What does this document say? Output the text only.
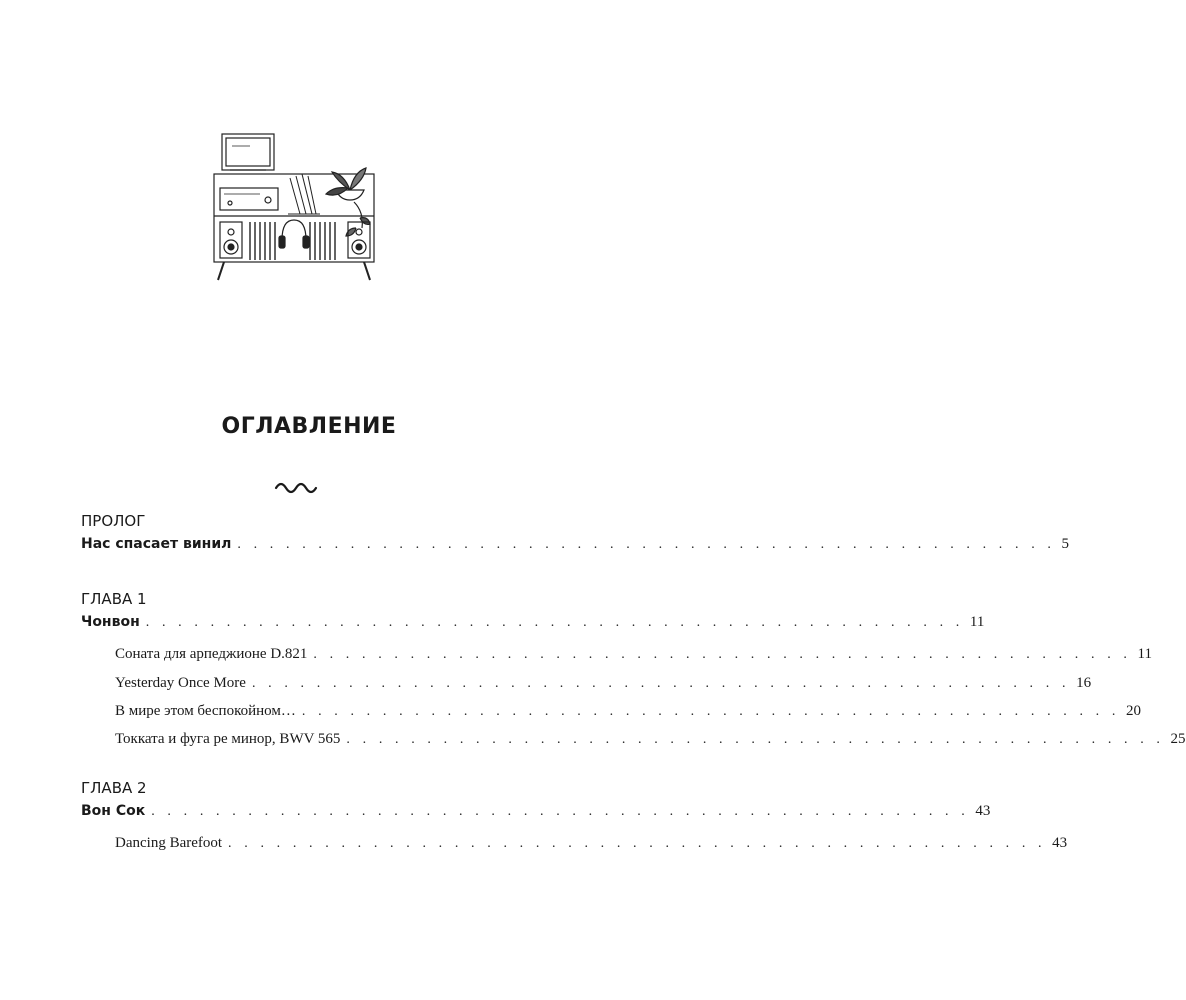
ОГЛАВЛЕНИЕ
ПРОЛОГ
Нас спасает винил . . . . . . . . . . . . . . . . . . . . . . . . . . . . . . . . . . . . . . . . . . . . . . . . . . . 5
ГЛАВА 1
Чонвон . . . . . . . . . . . . . . . . . . . . . . . . . . . . . . . . . . . . . . . . . . . . . . . . . . . 11
Соната для арпеджионе D.821 . . . . . . . . . . . . . . . . . . . . . . . . . . . . . . . . . . . . . . . . . . . . . . . . . . . 11
Yesterday Once More . . . . . . . . . . . . . . . . . . . . . . . . . . . . . . . . . . . . . . . . . . . . . . . . . . . 16
В мире этом беспокойном… . . . . . . . . . . . . . . . . . . . . . . . . . . . . . . . . . . . . . . . . . . . . . . . . . . . 20
Токката и фуга ре минор, BWV 565 . . . . . . . . . . . . . . . . . . . . . . . . . . . . . . . . . . . . . . . . . . . . . . . . . . . 25
ГЛАВА 2
Вон Сок . . . . . . . . . . . . . . . . . . . . . . . . . . . . . . . . . . . . . . . . . . . . . . . . . . . 43
Dancing Barefoot . . . . . . . . . . . . . . . . . . . . . . . . . . . . . . . . . . . . . . . . . . . . . . . . . . . 43
